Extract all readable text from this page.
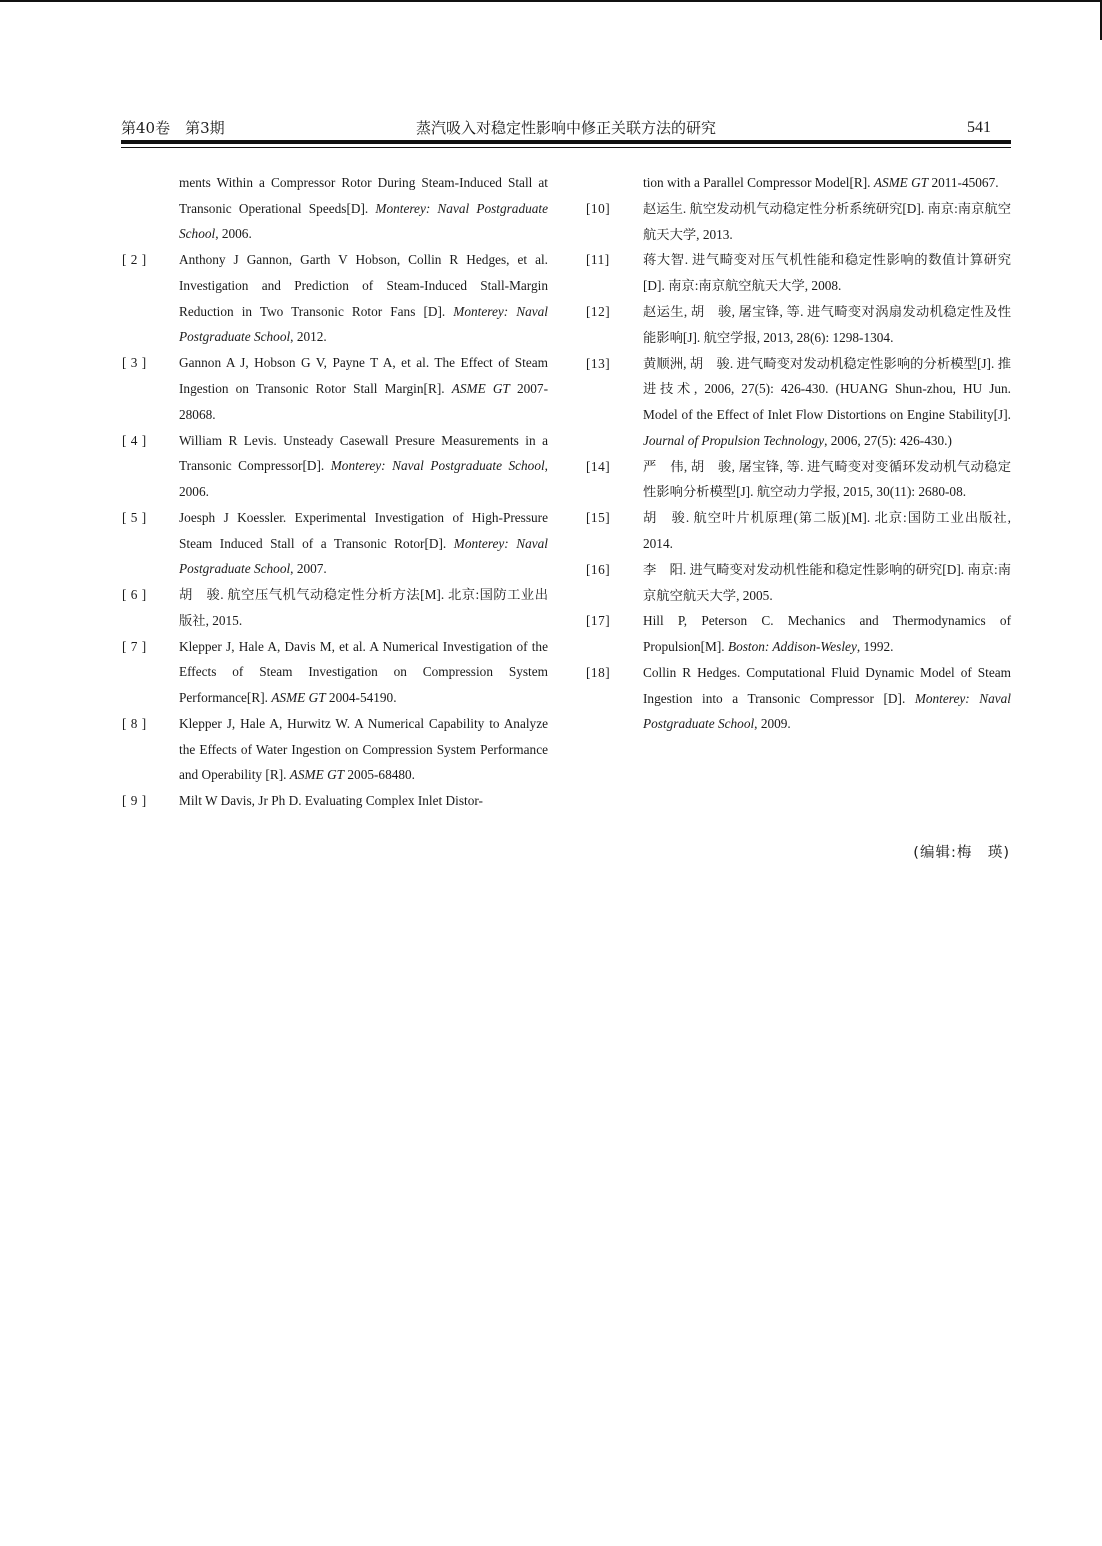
第40卷　第3期	蒸汽吸入对稳定性影响中修正关联方法的研究	541
ments Within a Compressor Rotor During Steam-Induced Stall at Transonic Operational Speeds[D]. Monterey: Naval Postgraduate School, 2006.
[ 2 ]	Anthony J Gannon, Garth V Hobson, Collin R Hedges, et al. Investigation and Prediction of Steam-Induced Stall-Margin Reduction in Two Transonic Rotor Fans [D]. Monterey: Naval Postgraduate School, 2012.
[ 3 ]	Gannon A J, Hobson G V, Payne T A, et al. The Effect of Steam Ingestion on Transonic Rotor Stall Margin[R]. ASME GT 2007-28068.
[ 4 ]	William R Levis. Unsteady Casewall Presure Measurements in a Transonic Compressor[D]. Monterey: Naval Postgraduate School, 2006.
[ 5 ]	Joesph J Koessler. Experimental Investigation of High-Pressure Steam Induced Stall of a Transonic Rotor[D]. Monterey: Naval Postgraduate School, 2007.
[ 6 ]	胡　骏. 航空压气机气动稳定性分析方法[M]. 北京:国防工业出版社, 2015.
[ 7 ]	Klepper J, Hale A, Davis M, et al. A Numerical Investigation of the Effects of Steam Investigation on Compression System Performance[R]. ASME GT 2004-54190.
[ 8 ]	Klepper J, Hale A, Hurwitz W. A Numerical Capability to Analyze the Effects of Water Ingestion on Compression System Performance and Operability [R]. ASME GT 2005-68480.
[ 9 ]	Milt W Davis, Jr Ph D. Evaluating Complex Inlet Distor-
tion with a Parallel Compressor Model[R]. ASME GT 2011-45067.
[10]	赵运生. 航空发动机气动稳定性分析系统研究[D]. 南京:南京航空航天大学, 2013.
[11]	蒋大智. 进气畸变对压气机性能和稳定性影响的数值计算研究[D]. 南京:南京航空航天大学, 2008.
[12]	赵运生, 胡　骏, 屠宝锋, 等. 进气畸变对涡扇发动机稳定性及性能影响[J]. 航空学报, 2013, 28(6): 1298-1304.
[13]	黄顺洲, 胡　骏. 进气畸变对发动机稳定性影响的分析模型[J]. 推进技术, 2006, 27(5): 426-430. (HUANG Shun-zhou, HU Jun. Model of the Effect of Inlet Flow Distortions on Engine Stability[J]. Journal of Propulsion Technology, 2006, 27(5): 426-430.)
[14]	严　伟, 胡　骏, 屠宝锋, 等. 进气畸变对变循环发动机气动稳定性影响分析模型[J]. 航空动力学报, 2015, 30(11): 2680-08.
[15]	胡　骏. 航空叶片机原理(第二版)[M]. 北京:国防工业出版社, 2014.
[16]	李　阳. 进气畸变对发动机性能和稳定性影响的研究[D]. 南京:南京航空航天大学, 2005.
[17]	Hill P, Peterson C. Mechanics and Thermodynamics of Propulsion[M]. Boston: Addison-Wesley, 1992.
[18]	Collin R Hedges. Computational Fluid Dynamic Model of Steam Ingestion into a Transonic Compressor [D]. Monterey: Naval Postgraduate School, 2009.
(编辑:梅　瑛)
